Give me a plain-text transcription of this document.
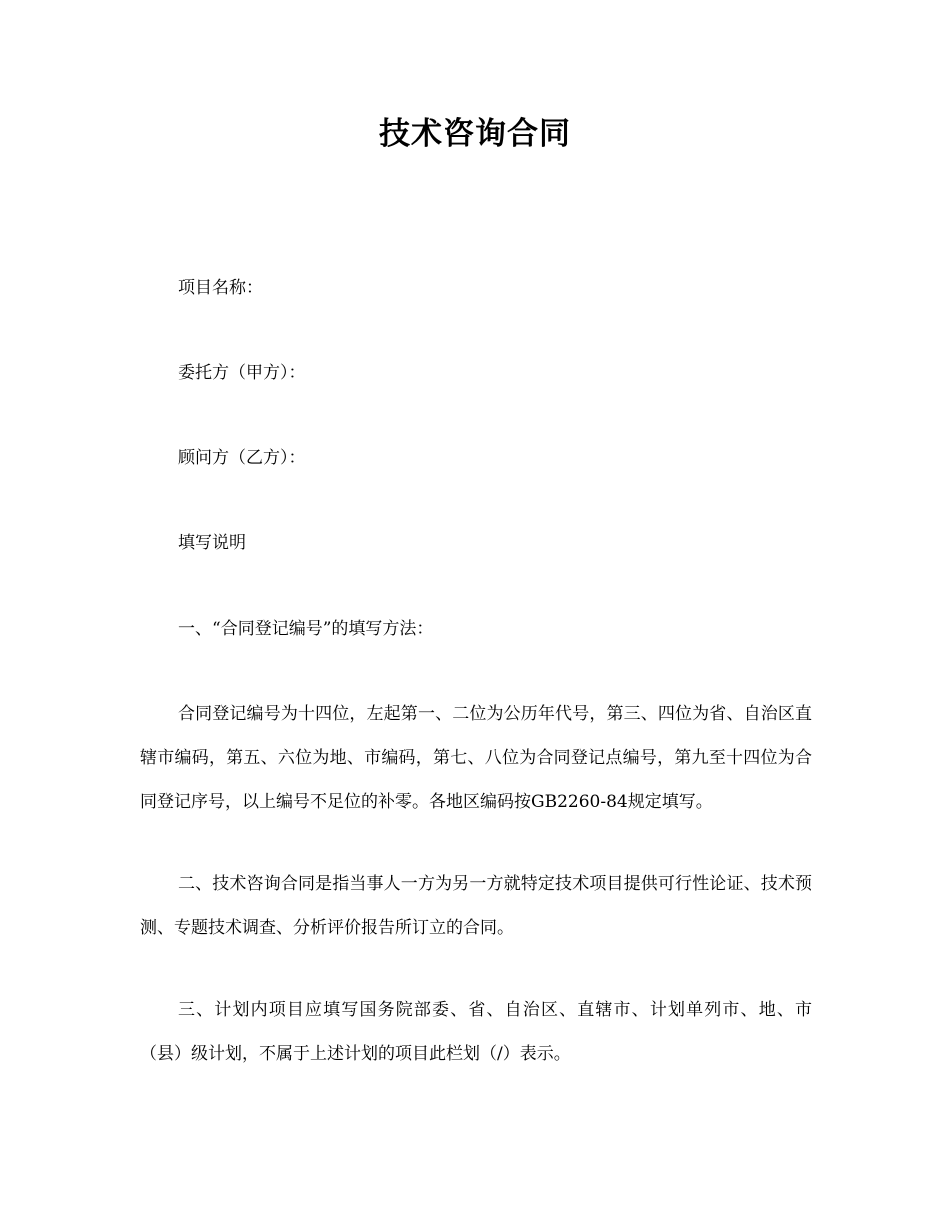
技术咨询合同
项目名称：
委托方（甲方）：
顾问方（乙方）：
填写说明
一、“合同登记编号”的填写方法：
合同登记编号为十四位，左起第一、二位为公历年代号，第三、四位为省、自治区直辖市编码，第五、六位为地、市编码，第七、八位为合同登记点编号，第九至十四位为合同登记序号，以上编号不足位的补零。各地区编码按GB2260-84规定填写。
二、技术咨询合同是指当事人一方为另一方就特定技术项目提供可行性论证、技术预测、专题技术调查、分析评价报告所订立的合同。
三、计划内项目应填写国务院部委、省、自治区、直辖市、计划单列市、地、市（县）级计划，不属于上述计划的项目此栏划（/）表示。
